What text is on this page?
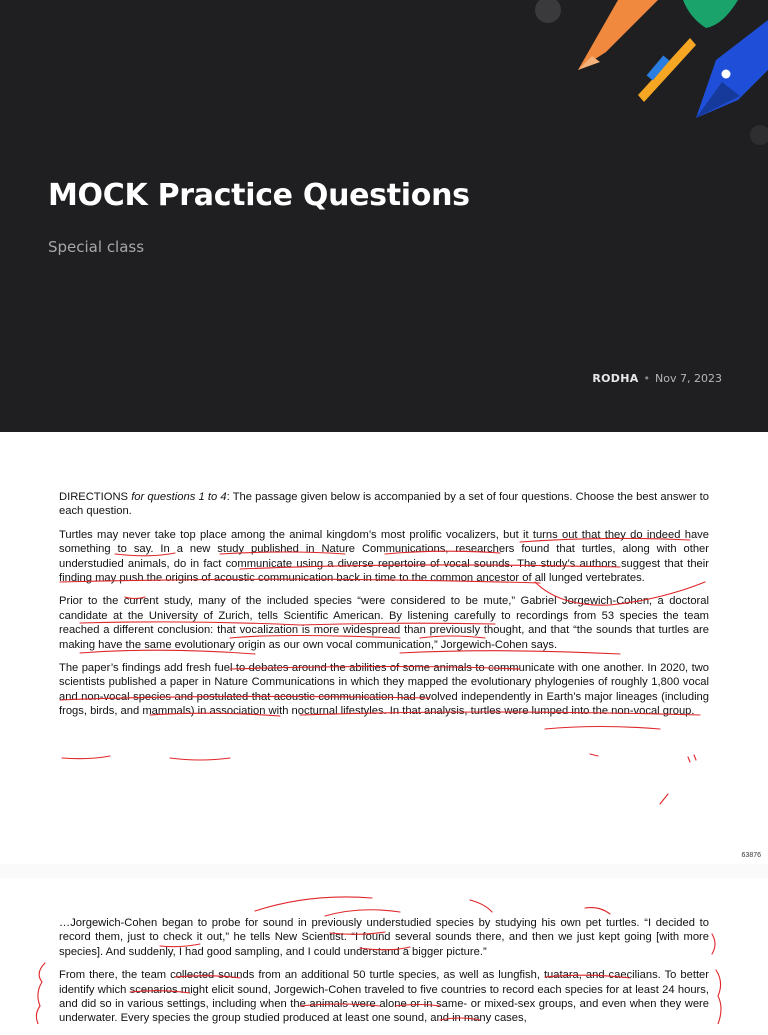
MOCK Practice Questions
Special class
RODHA • Nov 7, 2023

DIRECTIONS for questions 1 to 4: The passage given below is accompanied by a set of four questions. Choose the best answer to each question.

Turtles may never take top place among the animal kingdom’s most prolific vocalizers, but it turns out that they do indeed have something to say. In a new study published in Nature Communications, researchers found that turtles, along with other understudied animals, do in fact communicate using a diverse repertoire of vocal sounds. The study’s authors suggest that their finding may push the origins of acoustic communication back in time to the common ancestor of all lunged vertebrates.

Prior to the current study, many of the included species “were considered to be mute,” Gabriel Jorgewich-Cohen, a doctoral candidate at the University of Zurich, tells Scientific American. By listening carefully to recordings from 53 species the team reached a different conclusion: that vocalization is more widespread than previously thought, and that “the sounds that turtles are making have the same evolutionary origin as our own vocal communication,” Jorgewich-Cohen says.

The paper’s findings add fresh fuel to debates around the abilities of some animals to communicate with one another. In 2020, two scientists published a paper in Nature Communications in which they mapped the evolutionary phylogenies of roughly 1,800 vocal and non-vocal species and postulated that acoustic communication had evolved independently in Earth’s major lineages (including frogs, birds, and mammals) in association with nocturnal lifestyles. In that analysis, turtles were lumped into the non-vocal group.

63876

…Jorgewich-Cohen began to probe for sound in previously understudied species by studying his own pet turtles. “I decided to record them, just to check it out,” he tells New Scientist. “I found several sounds there, and then we just kept going [with more species]. And suddenly, I had good sampling, and I could understand a bigger picture.”

From there, the team collected sounds from an additional 50 turtle species, as well as lungfish, tuatara, and caecilians. To better identify which scenarios might elicit sound, Jorgewich-Cohen traveled to five countries to record each species for at least 24 hours, and did so in various settings, including when the animals were alone or in same- or mixed-sex groups, and even when they were underwater. Every species the group studied produced at least one sound, and in many cases,
